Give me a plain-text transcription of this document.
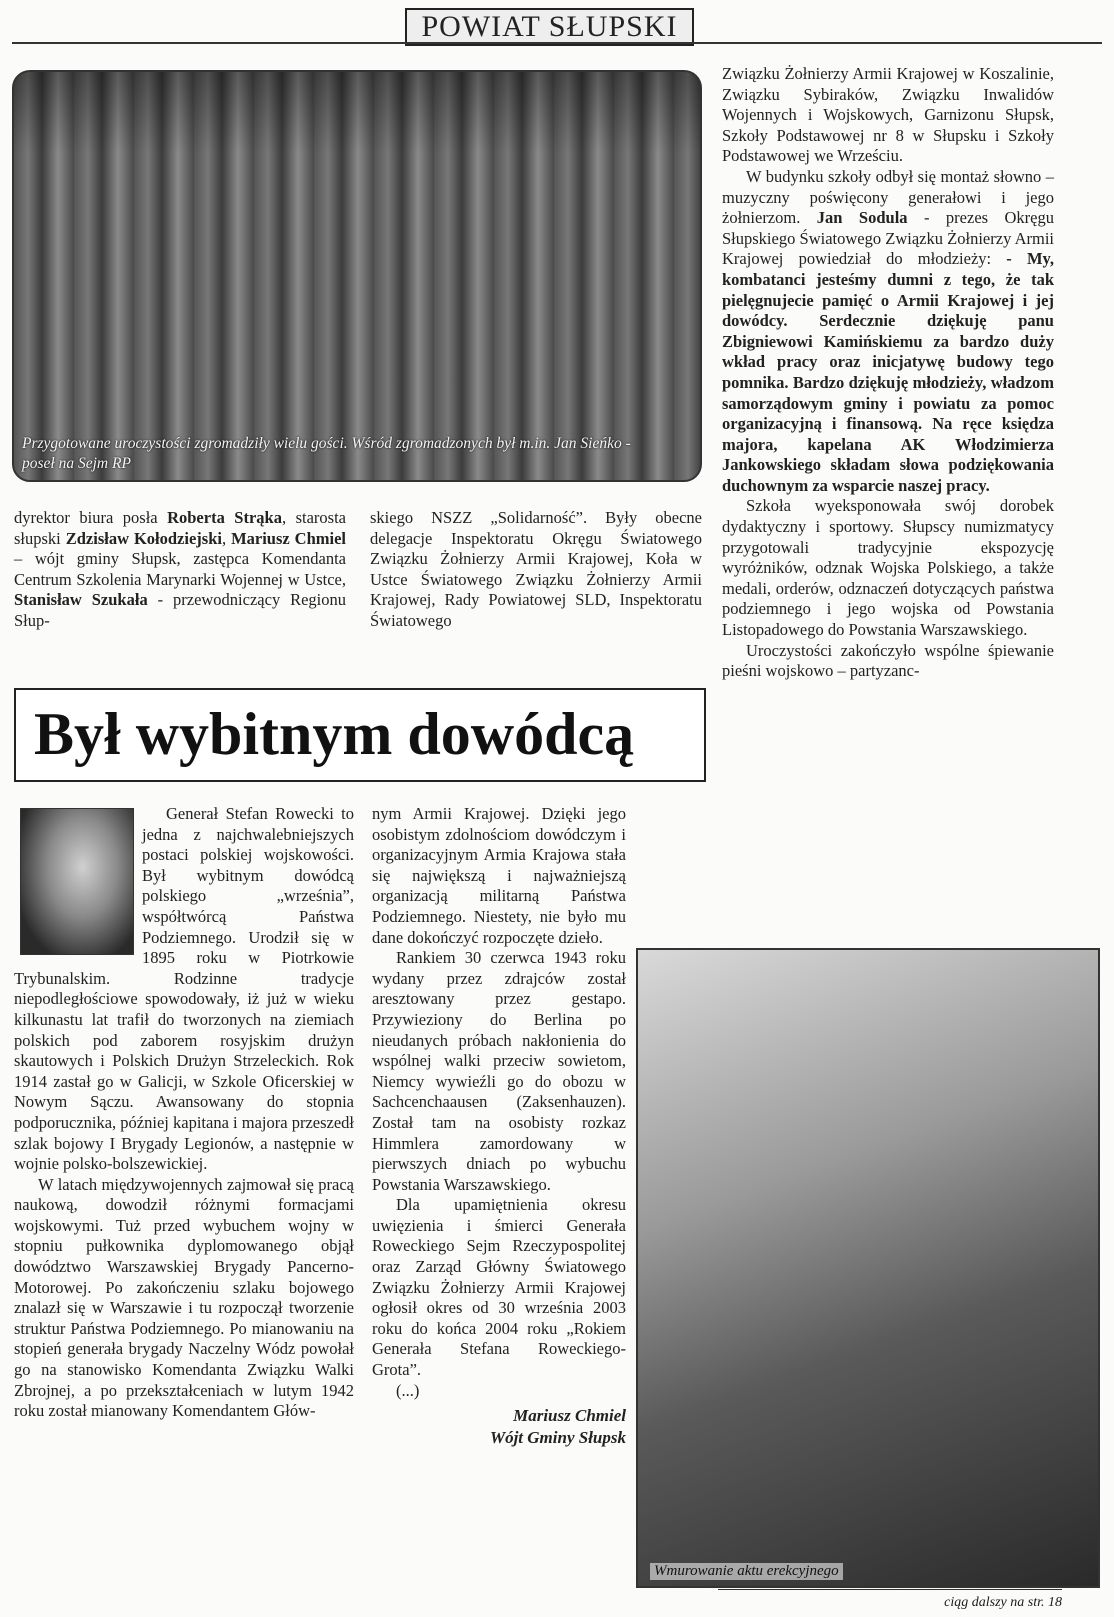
POWIAT SŁUPSKI
Przygotowane uroczystości zgromadziły wielu gości. Wśród zgromadzonych był m.in. Jan Sieńko - poseł na Sejm RP

Związku Żołnierzy Armii Krajowej w Koszalinie, Związku Sybiraków, Związku Inwalidów Wojennych i Wojskowych, Garnizonu Słupsk, Szkoły Podstawowej nr 8 w Słupsku i Szkoły Podstawowej we Wrześciu.

W budynku szkoły odbył się montaż słowno – muzyczny poświęcony generałowi i jego żołnierzom. Jan Sodula - prezes Okręgu Słupskiego Światowego Związku Żołnierzy Armii Krajowej powiedział do młodzieży: - My, kombatanci jesteśmy dumni z tego, że tak pielęgnujecie pamięć o Armii Krajowej i jej dowódcy. Serdecznie dziękuję panu Zbigniewowi Kamińskiemu za bardzo duży wkład pracy oraz inicjatywę budowy tego pomnika. Bardzo dziękuję młodzieży, władzom samorządowym gminy i powiatu za pomoc organizacyjną i finansową. Na ręce księdza majora, kapelana AK Włodzimierza Jankowskiego składam słowa podziękowania duchownym za wsparcie naszej pracy.

Szkoła wyeksponowała swój dorobek dydaktyczny i sportowy. Słupscy numizmatycy przygotowali tradycyjnie ekspozycję wyróżników, odznak Wojska Polskiego, a także medali, orderów, odznaczeń dotyczących państwa podziemnego i jego wojska od Powstania Listopadowego do Powstania Warszawskiego.

Uroczystości zakończyło wspólne śpiewanie pieśni wojskowo – partyzanc-

dyrektor biura posła Roberta Strąka, starosta słupski Zdzisław Kołodziejski, Mariusz Chmiel – wójt gminy Słupsk, zastępca Komendanta Centrum Szkolenia Marynarki Wojennej w Ustce, Stanisław Szukała - przewodniczący Regionu Słup-

skiego NSZZ „Solidarność”. Były obecne delegacje Inspektoratu Okręgu Światowego Związku Żołnierzy Armii Krajowej, Koła w Ustce Światowego Związku Żołnierzy Armii Krajowej, Rady Powiatowej SLD, Inspektoratu Światowego

Był wybitnym dowódcą

Generał Stefan Rowecki to jedna z najchwalebniejszych postaci polskiej wojskowości. Był wybitnym dowódcą polskiego „września”, współtwórcą Państwa Podziemnego. Urodził się w 1895 roku w Piotrkowie Trybunalskim. Rodzinne tradycje niepodległościowe spowodowały, iż już w wieku kilkunastu lat trafił do tworzonych na ziemiach polskich pod zaborem rosyjskim drużyn skautowych i Polskich Drużyn Strzeleckich. Rok 1914 zastał go w Galicji, w Szkole Oficerskiej w Nowym Sączu. Awansowany do stopnia podporucznika, później kapitana i majora przeszedł szlak bojowy I Brygady Legionów, a następnie w wojnie polsko-bolszewickiej.

W latach międzywojennych zajmował się pracą naukową, dowodził różnymi formacjami wojskowymi. Tuż przed wybuchem wojny w stopniu pułkownika dyplomowanego objął dowództwo Warszawskiej Brygady Pancerno-Motorowej. Po zakończeniu szlaku bojowego znalazł się w Warszawie i tu rozpoczął tworzenie struktur Państwa Podziemnego. Po mianowaniu na stopień generała brygady Naczelny Wódz powołał go na stanowisko Komendanta Związku Walki Zbrojnej, a po przekształceniach w lutym 1942 roku został mianowany Komendantem Głów-

nym Armii Krajowej. Dzięki jego osobistym zdolnościom dowódczym i organizacyjnym Armia Krajowa stała się największą i najważniejszą organizacją militarną Państwa Podziemnego. Niestety, nie było mu dane dokończyć rozpoczęte dzieło.

Rankiem 30 czerwca 1943 roku wydany przez zdrajców został aresztowany przez gestapo. Przywieziony do Berlina po nieudanych próbach nakłonienia do wspólnej walki przeciw sowietom, Niemcy wywieźli go do obozu w Sachcenchaausen (Zaksenhauzen). Został tam na osobisty rozkaz Himmlera zamordowany w pierwszych dniach po wybuchu Powstania Warszawskiego.

Dla upamiętnienia okresu uwięzienia i śmierci Generała Roweckiego Sejm Rzeczypospolitej oraz Zarząd Główny Światowego Związku Żołnierzy Armii Krajowej ogłosił okres od 30 września 2003 roku do końca 2004 roku „Rokiem Generała Stefana Roweckiego-Grota”.

(...)

Mariusz Chmiel
Wójt Gminy Słupsk
Wmurowanie aktu erekcyjnego
ciąg dalszy na str. 18
